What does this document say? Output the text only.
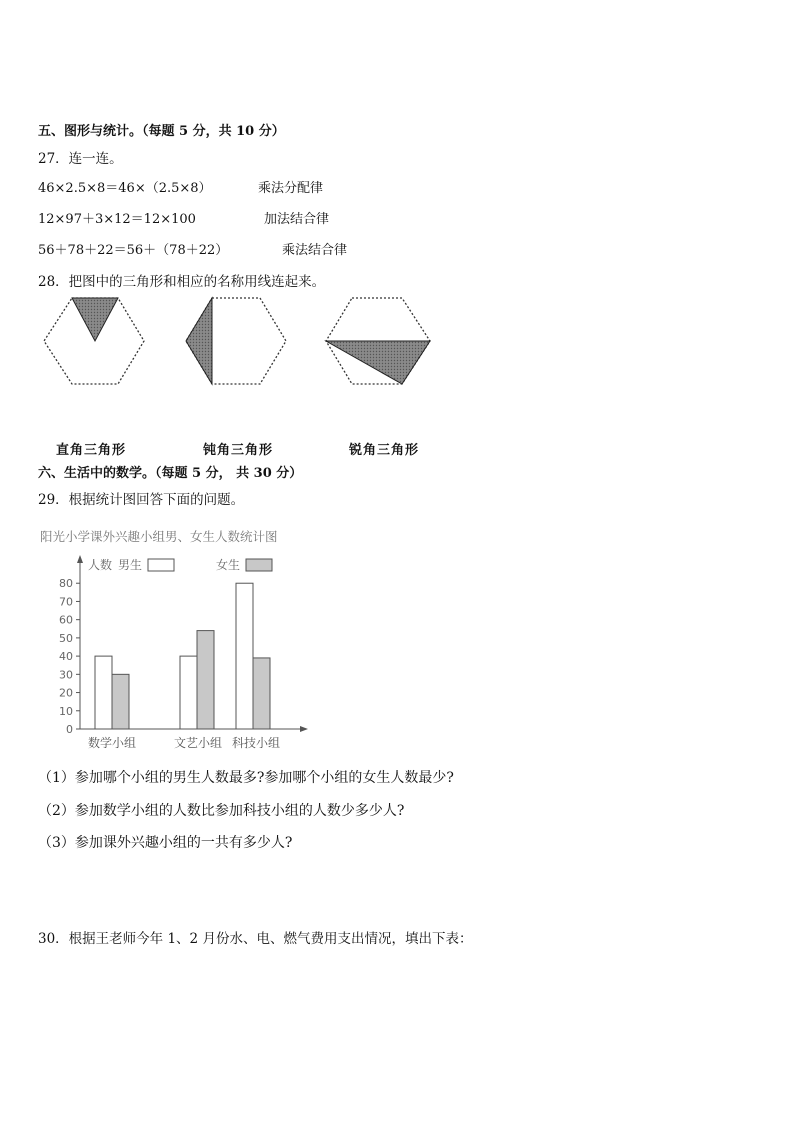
五、图形与统计。（每题 5 分，共 10 分）
27．连一连。
46×2.5×8＝46×（2.5×8）	乘法分配律
12×97＋3×12＝12×100	加法结合律
56＋78＋22＝56＋（78＋22）	乘法结合律
28．把图中的三角形和相应的名称用线连起来。
直角三角形	钝角三角形	锐角三角形
六、生活中的数学。（每题 5 分， 共 30 分）
29．根据统计图回答下面的问题。
阳光小学课外兴趣小组男、女生人数统计图
人数 男生	女生
0
10
20
30
40
50
60
70
80
数学小组	文艺小组 科技小组
（1）参加哪个小组的男生人数最多?参加哪个小组的女生人数最少?
（2）参加数学小组的人数比参加科技小组的人数少多少人?
（3）参加课外兴趣小组的一共有多少人?
30．根据王老师今年 1、2 月份水、电、燃气费用支出情况，填出下表：
